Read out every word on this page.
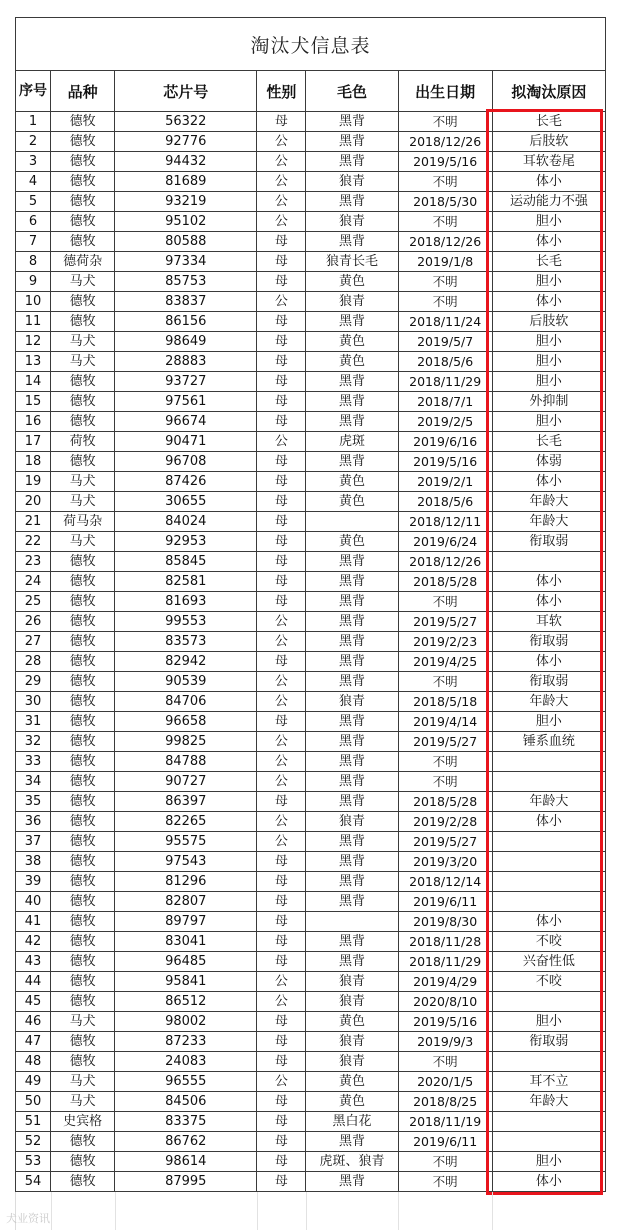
淘汰犬信息表						
序号	品种	芯片号	性别	毛色	出生日期	拟淘汰原因
1	德牧	56322	母	黑背	不明	长毛
2	德牧	92776	公	黑背	2018/12/26	后肢软
3	德牧	94432	公	黑背	2019/5/16	耳软卷尾
4	德牧	81689	公	狼青	不明	体小
5	德牧	93219	公	黑背	2018/5/30	运动能力不强
6	德牧	95102	公	狼青	不明	胆小
7	德牧	80588	母	黑背	2018/12/26	体小
8	德荷杂	97334	母	狼青长毛	2019/1/8	长毛
9	马犬	85753	母	黄色	不明	胆小
10	德牧	83837	公	狼青	不明	体小
11	德牧	86156	母	黑背	2018/11/24	后肢软
12	马犬	98649	母	黄色	2019/5/7	胆小
13	马犬	28883	母	黄色	2018/5/6	胆小
14	德牧	93727	母	黑背	2018/11/29	胆小
15	德牧	97561	母	黑背	2018/7/1	外抑制
16	德牧	96674	母	黑背	2019/2/5	胆小
17	荷牧	90471	公	虎斑	2019/6/16	长毛
18	德牧	96708	母	黑背	2019/5/16	体弱
19	马犬	87426	母	黄色	2019/2/1	体小
20	马犬	30655	母	黄色	2018/5/6	年龄大
21	荷马杂	84024	母		2018/12/11	年龄大
22	马犬	92953	母	黄色	2019/6/24	衔取弱
23	德牧	85845	母	黑背	2018/12/26	
24	德牧	82581	母	黑背	2018/5/28	体小
25	德牧	81693	母	黑背	不明	体小
26	德牧	99553	公	黑背	2019/5/27	耳软
27	德牧	83573	公	黑背	2019/2/23	衔取弱
28	德牧	82942	母	黑背	2019/4/25	体小
29	德牧	90539	公	黑背	不明	衔取弱
30	德牧	84706	公	狼青	2018/5/18	年龄大
31	德牧	96658	母	黑背	2019/4/14	胆小
32	德牧	99825	公	黑背	2019/5/27	锤系血统
33	德牧	84788	公	黑背	不明	
34	德牧	90727	公	黑背	不明	
35	德牧	86397	母	黑背	2018/5/28	年龄大
36	德牧	82265	公	狼青	2019/2/28	体小
37	德牧	95575	公	黑背	2019/5/27	
38	德牧	97543	母	黑背	2019/3/20	
39	德牧	81296	母	黑背	2018/12/14	
40	德牧	82807	母	黑背	2019/6/11	
41	德牧	89797	母		2019/8/30	体小
42	德牧	83041	母	黑背	2018/11/28	不咬
43	德牧	96485	母	黑背	2018/11/29	兴奋性低
44	德牧	95841	公	狼青	2019/4/29	不咬
45	德牧	86512	公	狼青	2020/8/10	
46	马犬	98002	母	黄色	2019/5/16	胆小
47	德牧	87233	母	狼青	2019/9/3	衔取弱
48	德牧	24083	母	狼青	不明	
49	马犬	96555	公	黄色	2020/1/5	耳不立
50	马犬	84506	母	黄色	2018/8/25	年龄大
51	史宾格	83375	母	黑白花	2018/11/19	
52	德牧	86762	母	黑背	2019/6/11	
53	德牧	98614	母	虎斑、狼青	不明	胆小
54	德牧	87995	母	黑背	不明	体小
犬业资讯
